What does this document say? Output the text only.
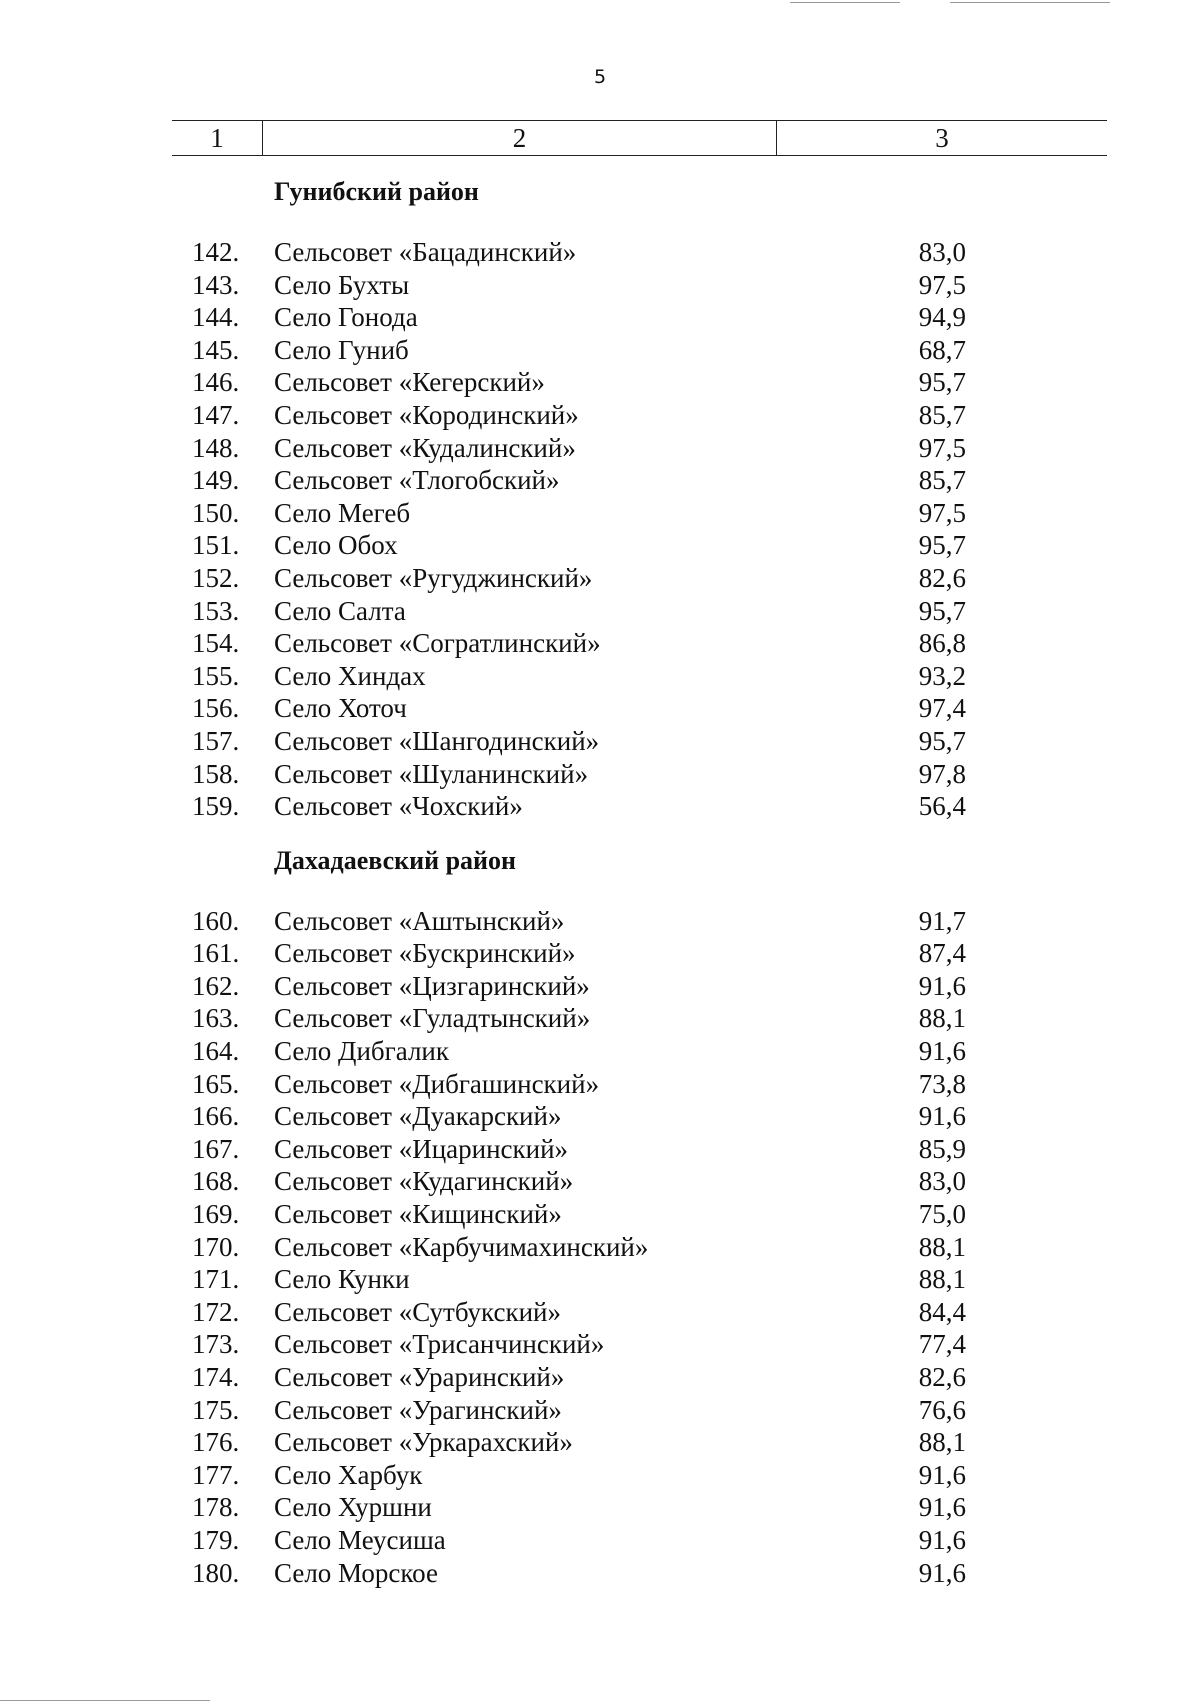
5
1	2	3
Гунибский район
142. Сельсовет «Бацадинский»	83,0
143. Село Бухты	97,5
144. Село Гонода	94,9
145. Село Гуниб	68,7
146. Сельсовет «Кегерский»	95,7
147. Сельсовет «Кородинский»	85,7
148. Сельсовет «Кудалинский»	97,5
149. Сельсовет «Тлогобский»	85,7
150. Село Мегеб	97,5
151. Село Обох	95,7
152. Сельсовет «Ругуджинский»	82,6
153. Село Салта	95,7
154. Сельсовет «Согратлинский»	86,8
155. Село Хиндах	93,2
156. Село Хоточ	97,4
157. Сельсовет «Шангодинский»	95,7
158. Сельсовет «Шуланинский»	97,8
159. Сельсовет «Чохский»	56,4
Дахадаевский район
160. Сельсовет «Аштынский»	91,7
161. Сельсовет «Бускринский»	87,4
162. Сельсовет «Цизгаринский»	91,6
163. Сельсовет «Гуладтынский»	88,1
164. Село Дибгалик	91,6
165. Сельсовет «Дибгашинский»	73,8
166. Сельсовет «Дуакарский»	91,6
167. Сельсовет «Ицаринский»	85,9
168. Сельсовет «Кудагинский»	83,0
169. Сельсовет «Кищинский»	75,0
170. Сельсовет «Карбучимахинский»	88,1
171. Село Кунки	88,1
172. Сельсовет «Сутбукский»	84,4
173. Сельсовет «Трисанчинский»	77,4
174. Сельсовет «Урaринский»	82,6
175. Сельсовет «Урагинский»	76,6
176. Сельсовет «Уркарахский»	88,1
177. Село Харбук	91,6
178. Село Хуршни	91,6
179. Село Меусиша	91,6
180. Село Морское	91,6
